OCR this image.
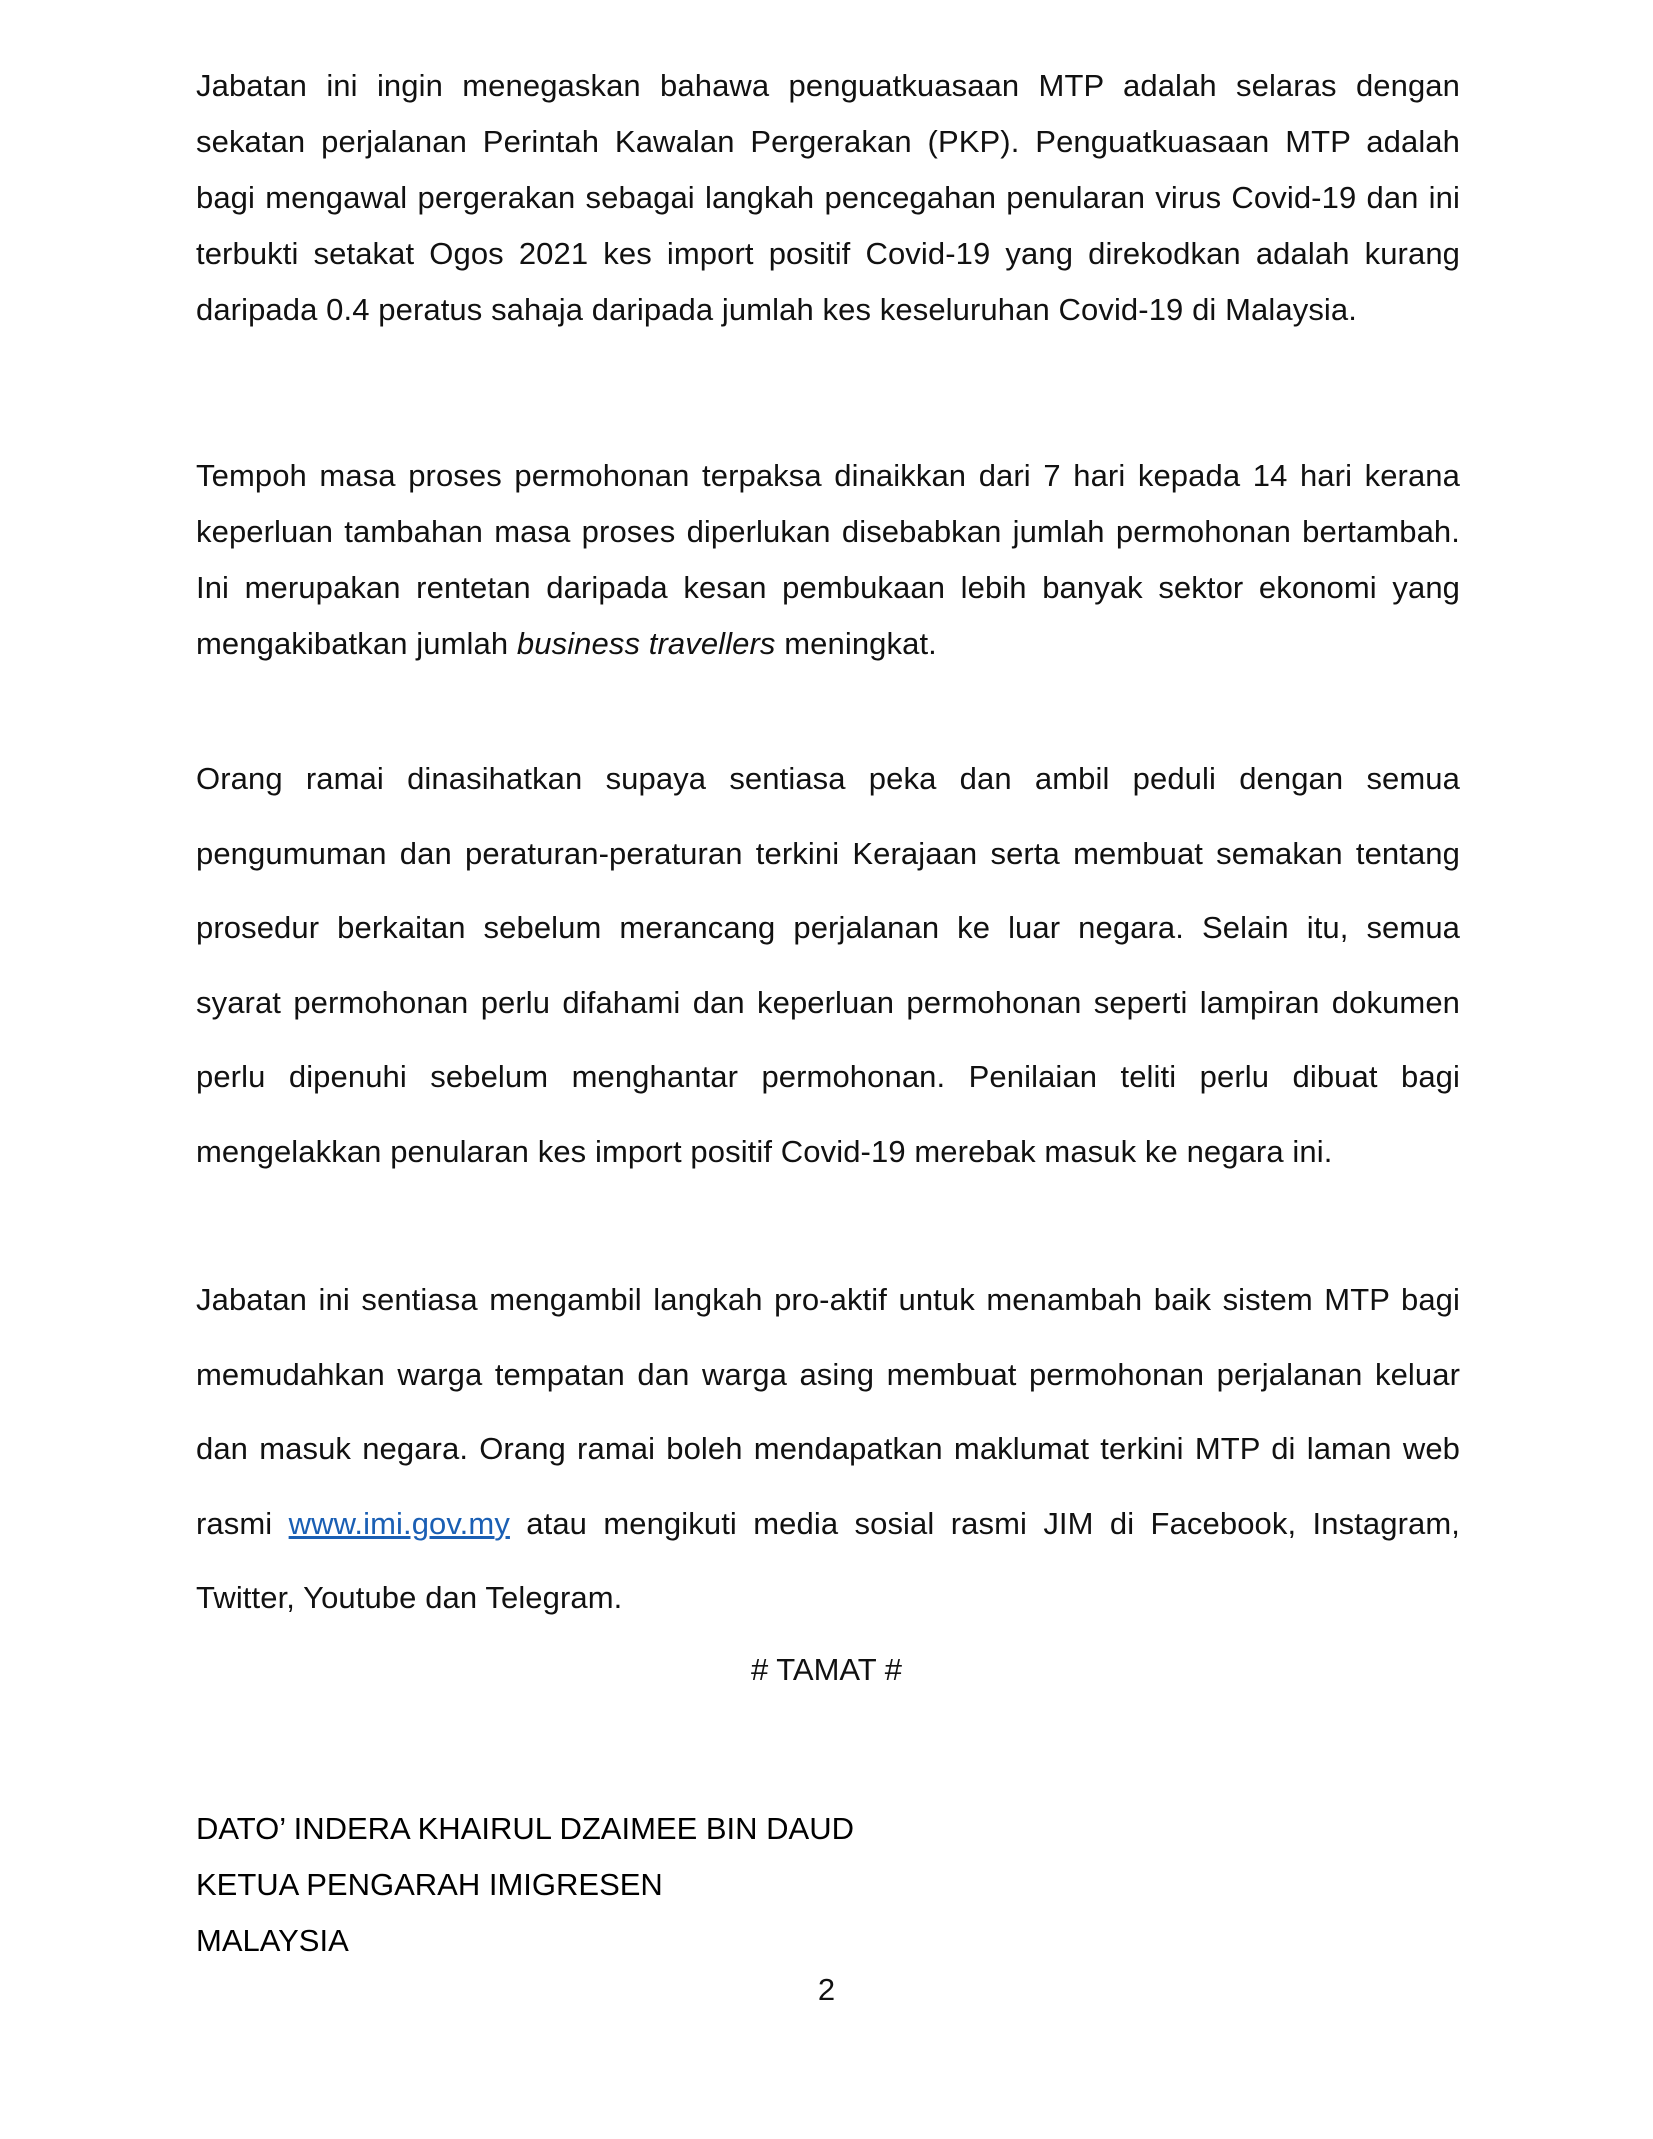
Jabatan ini ingin menegaskan bahawa penguatkuasaan MTP adalah selaras dengan sekatan perjalanan Perintah Kawalan Pergerakan (PKP). Penguatkuasaan MTP adalah bagi mengawal pergerakan sebagai langkah pencegahan penularan virus Covid-19 dan ini terbukti setakat Ogos 2021 kes import positif Covid-19 yang direkodkan adalah kurang daripada 0.4 peratus sahaja daripada jumlah kes keseluruhan Covid-19 di Malaysia.

Tempoh masa proses permohonan terpaksa dinaikkan dari 7 hari kepada 14 hari kerana keperluan tambahan masa proses diperlukan disebabkan jumlah permohonan bertambah. Ini merupakan rentetan daripada kesan pembukaan lebih banyak sektor ekonomi yang mengakibatkan jumlah business travellers meningkat.

Orang ramai dinasihatkan supaya sentiasa peka dan ambil peduli dengan semua pengumuman dan peraturan-peraturan terkini Kerajaan serta membuat semakan tentang prosedur berkaitan sebelum merancang perjalanan ke luar negara. Selain itu, semua syarat permohonan perlu difahami dan keperluan permohonan seperti lampiran dokumen perlu dipenuhi sebelum menghantar permohonan. Penilaian teliti perlu dibuat bagi mengelakkan penularan kes import positif Covid-19 merebak masuk ke negara ini.

Jabatan ini sentiasa mengambil langkah pro-aktif untuk menambah baik sistem MTP bagi memudahkan warga tempatan dan warga asing membuat permohonan perjalanan keluar dan masuk negara. Orang ramai boleh mendapatkan maklumat terkini MTP di laman web rasmi www.imi.gov.my atau mengikuti media sosial rasmi JIM di Facebook, Instagram, Twitter, Youtube dan Telegram.

# TAMAT #

DATO’ INDERA KHAIRUL DZAIMEE BIN DAUD
KETUA PENGARAH IMIGRESEN
MALAYSIA

2
